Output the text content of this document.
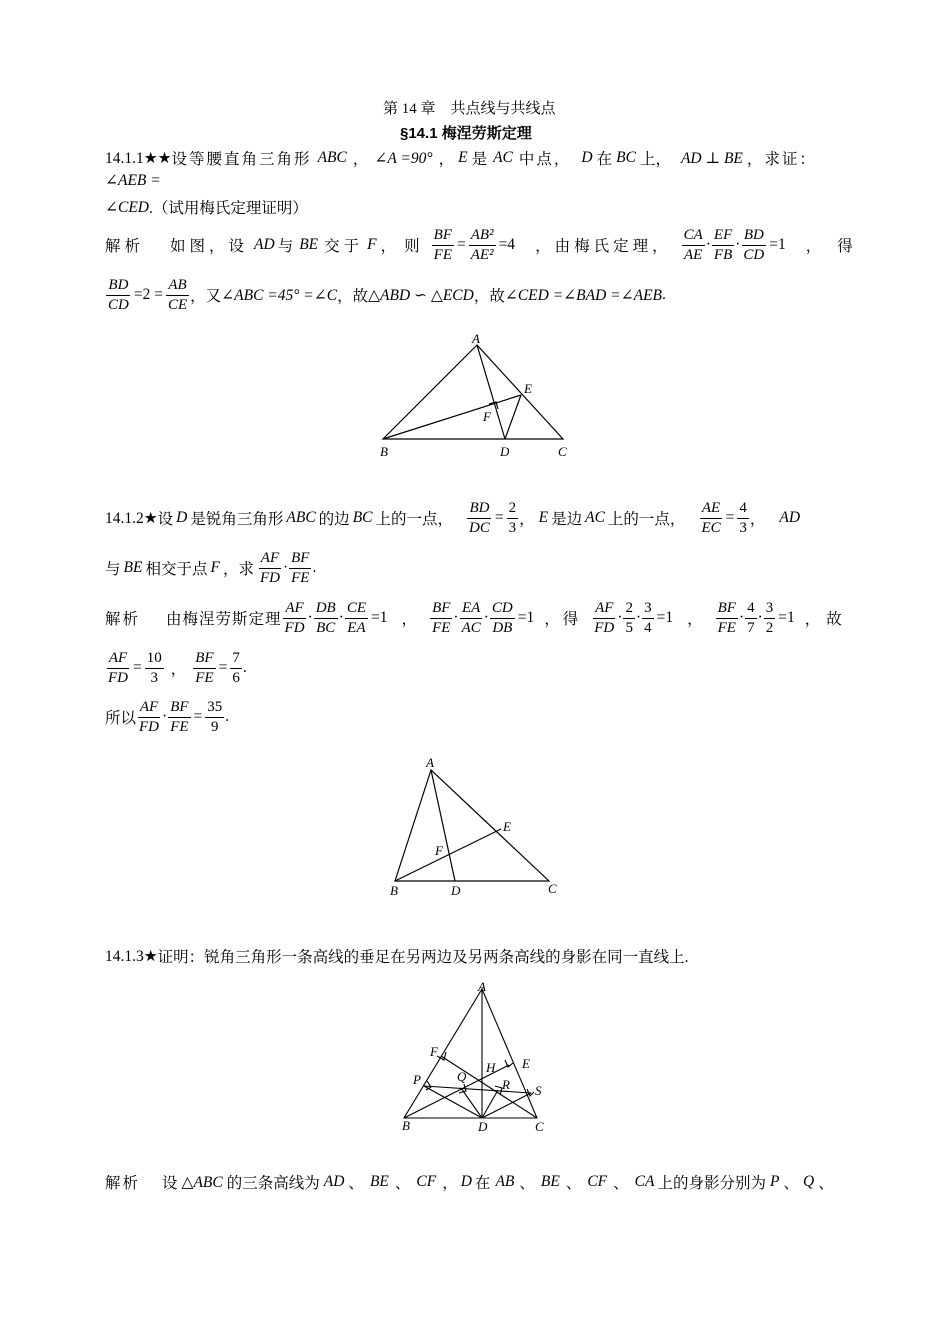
第 14 章　共点线与共线点
§14.1 梅涅劳斯定理
14.1.1★★ 设等腰直角三角形 ABC ， ∠A =90° ， E 是 AC 中点， D 在 BC 上， AD ⊥ BE ，求证：
∠AEB =
∠CED .（试用梅氏定理证明）
解析 如图，设 AD 与 BE 交于 F ，则 $\frac{BF}{FE} = \frac{\text{AB²}}{\text{AE²}} =4$ ，由梅氏定理， $\frac{CA}{AE} \cdot \frac{EF}{FB} \cdot \frac{BD}{CD} =1$ ，得
$\frac{BD}{CD} =2 = \frac{AB}{CE}$ ，又 ∠ABC =45° =∠C ，故 △ABD ∽ △ECD ，故 ∠CED =∠BAD =∠AEB .
A
B	C
D
E
F
14.1.2★ 设 D 是锐角三角形 ABC 的边 BC 上的一点， $\frac{BD}{DC} = \frac{2}{3}$ ， E 是边 AC 上的一点， $\frac{AE}{EC} = \frac{4}{3}$ ， AD
与 BE 相交于点 F ，求 $\frac{AF}{FD} \cdot \frac{BF}{FE}$ .
解析 由梅涅劳斯定理 $\frac{AF}{FD} \cdot \frac{DB}{BC} \cdot \frac{CE}{EA} =1$ ， $\frac{BF}{FE} \cdot \frac{EA}{AC} \cdot \frac{CD}{DB} =1$ ，得 $\frac{AF}{FD} \cdot \frac{2}{5} \cdot \frac{3}{4} =1$ ， $\frac{BF}{FE} \cdot \frac{4}{7} \cdot \frac{3}{2} =1$ ，故
$\frac{AF}{FD} = \frac{10}{3}$ ， $\frac{BF}{FE} = \frac{7}{6}$ .
所以 $\frac{AF}{FD} \cdot \frac{BF}{FE} = \frac{35}{9}$ .
A
B	C
D
E
F
14.1.3★ 证明：锐角三角形一条高线的垂足在另两边及另两条高线的身影在同一直线上.
A
B	C
D
E
F
H
P	Q
R S
解析 设 △ABC 的三条高线为 AD 、 BE 、 CF ， D 在 AB 、 BE 、 CF 、 CA 上的身影分别为 P 、 Q 、
